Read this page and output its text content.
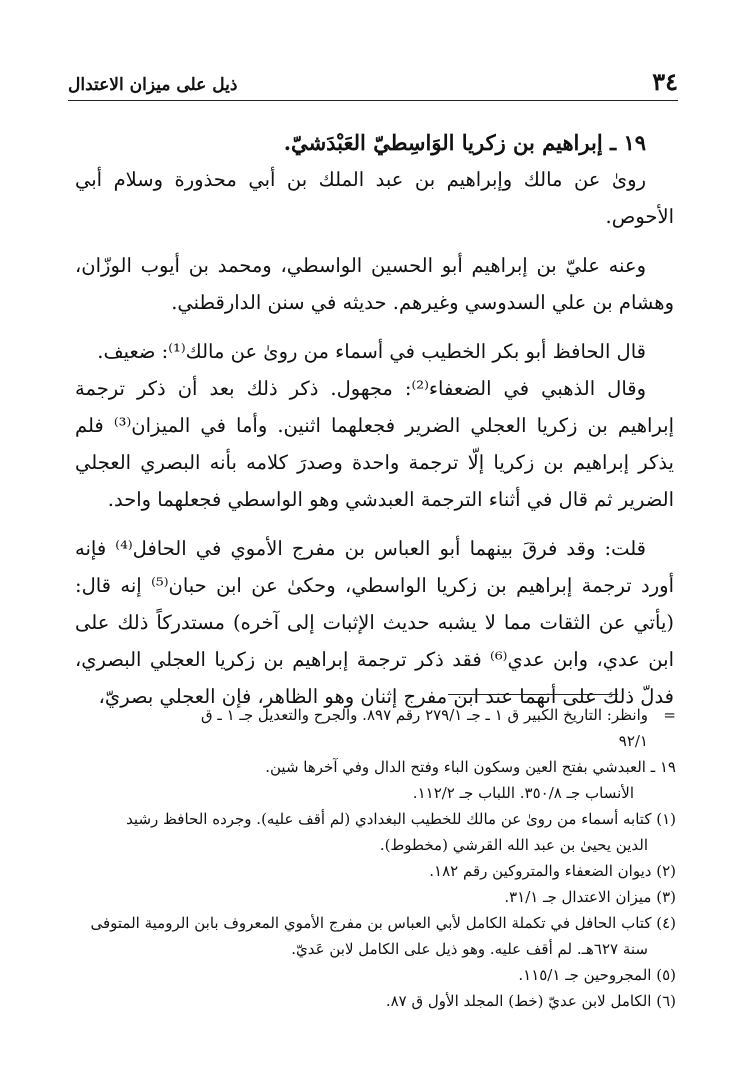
٣٤
ذيل على ميزان الاعتدال

١٩ ـ إبراهيم بن زكريا الوَاسِطيّ العَبْدَشيّ.

روىٰ عن مالك وإبراهيم بن عبد الملك بن أبي محذورة وسلام أبي الأحوص.

وعنه عليّ بن إبراهيم أبو الحسين الواسطي، ومحمد بن أيوب الوزّان، وهشام بن علي السدوسي وغيرهم. حديثه في سنن الدارقطني.

قال الحافظ أبو بكر الخطيب في أسماء من روىٰ عن مالك⁽¹⁾: ضعيف.

وقال الذهبي في الضعفاء⁽²⁾: مجهول. ذكر ذلك بعد أن ذكر ترجمة إبراهيم بن زكريا العجلي الضرير فجعلهما اثنين. وأما في الميزان⁽³⁾ فلم يذكر إبراهيم بن زكريا إلّا ترجمة واحدة وصدرَ كلامه بأنه البصري العجلي الضرير ثم قال في أثناء الترجمة العبدشي وهو الواسطي فجعلهما واحد.

قلت: وقد فرقَ بينهما أبو العباس بن مفرج الأموي في الحافل⁽⁴⁾ فإنه أورد ترجمة إبراهيم بن زكريا الواسطي، وحكىٰ عن ابن حبان⁽⁵⁾ إنه قال: (يأتي عن الثقات مما لا يشبه حديث الإثبات إلى آخره) مستدركاً ذلك على ابن عدي، وابن عدي⁽⁶⁾ فقد ذكر ترجمة إبراهيم بن زكريا العجلي البصري، فدلّ ذلك على أنهما عند ابن مفرج إثنان وهو الظاهر، فإن العجلي بصريّ،

=وانظر: التاريخ الكبير ق ١ ـ جـ ٢٧٩/١ رقم ٨٩٧. والجرح والتعديل جـ ١ ـ ق

٩٢/١

١٩ ـ العبدشي بفتح العين وسكون الباء وفتح الدال وفي آخرها شين.

الأنساب جـ ٣٥٠/٨. اللباب جـ ١١٢/٢.

(١) كتابه أسماء من روىٰ عن مالك للخطيب البغدادي (لم أقف عليه). وجرده الحافظ رشيد

الدين يحيىٰ بن عبد الله القرشي (مخطوط).

(٢) ديوان الضعفاء والمتروكين رقم ١٨٢.

(٣) ميزان الاعتدال جـ ٣١/١.

(٤) كتاب الحافل في تكملة الكامل لأبي العباس بن مفرج الأموي المعروف بابن الرومية المتوفى

سنة ٦٢٧هـ. لم أقف عليه. وهو ذيل على الكامل لابن عَديّ.

(٥) المجروحين جـ ١١٥/١.

(٦) الكامل لابن عديّ (خط) المجلد الأول ق ٨٧.
